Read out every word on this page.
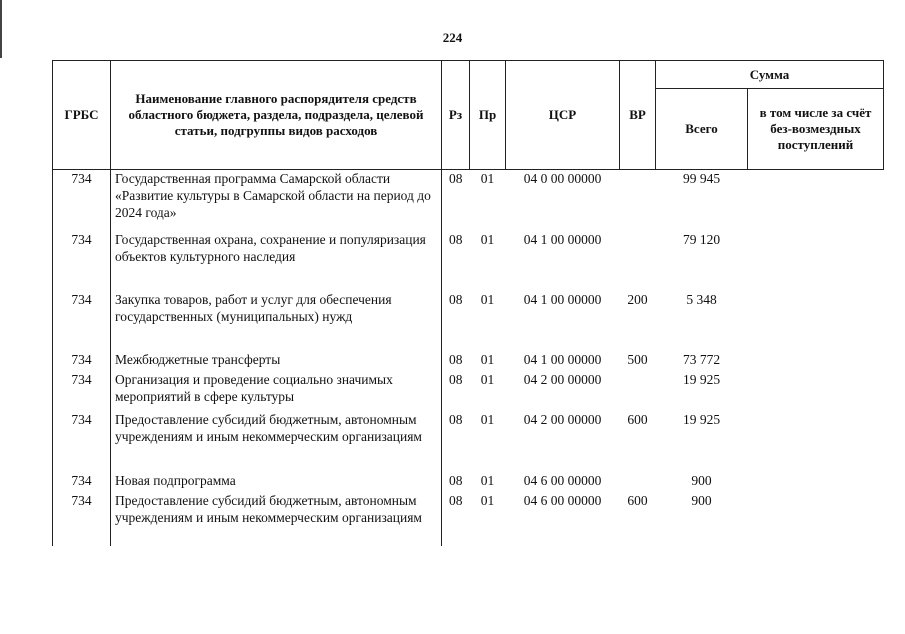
224
ГРБС	Наименование главного распорядителя средств областного бюджета, раздела, подраздела, целевой статьи, подгруппы видов расходов	Рз	Пр	ЦСР	ВР	Сумма	
						Всего	в том числе за счёт без-возмездных поступлений
734	Государственная программа Самарской области «Развитие культуры в Самарской области на период до 2024 года»	08	01	04 0 00 00000		99 945	
734	Государственная охрана, сохранение и популяризация объектов культурного наследия	08	01	04 1 00 00000		79 120	
734	Закупка товаров, работ и услуг для обеспечения государственных (муниципальных) нужд	08	01	04 1 00 00000	200	5 348	
734	Межбюджетные трансферты	08	01	04 1 00 00000	500	73 772	
734	Организация и проведение социально значимых мероприятий в сфере культуры	08	01	04 2 00 00000		19 925	
734	Предоставление субсидий бюджетным, автономным учреждениям и иным некоммерческим организациям	08	01	04 2 00 00000	600	19 925	
734	Новая подпрограмма	08	01	04 6 00 00000		900	
734	Предоставление субсидий бюджетным, автономным учреждениям и иным некоммерческим организациям	08	01	04 6 00 00000	600	900	
